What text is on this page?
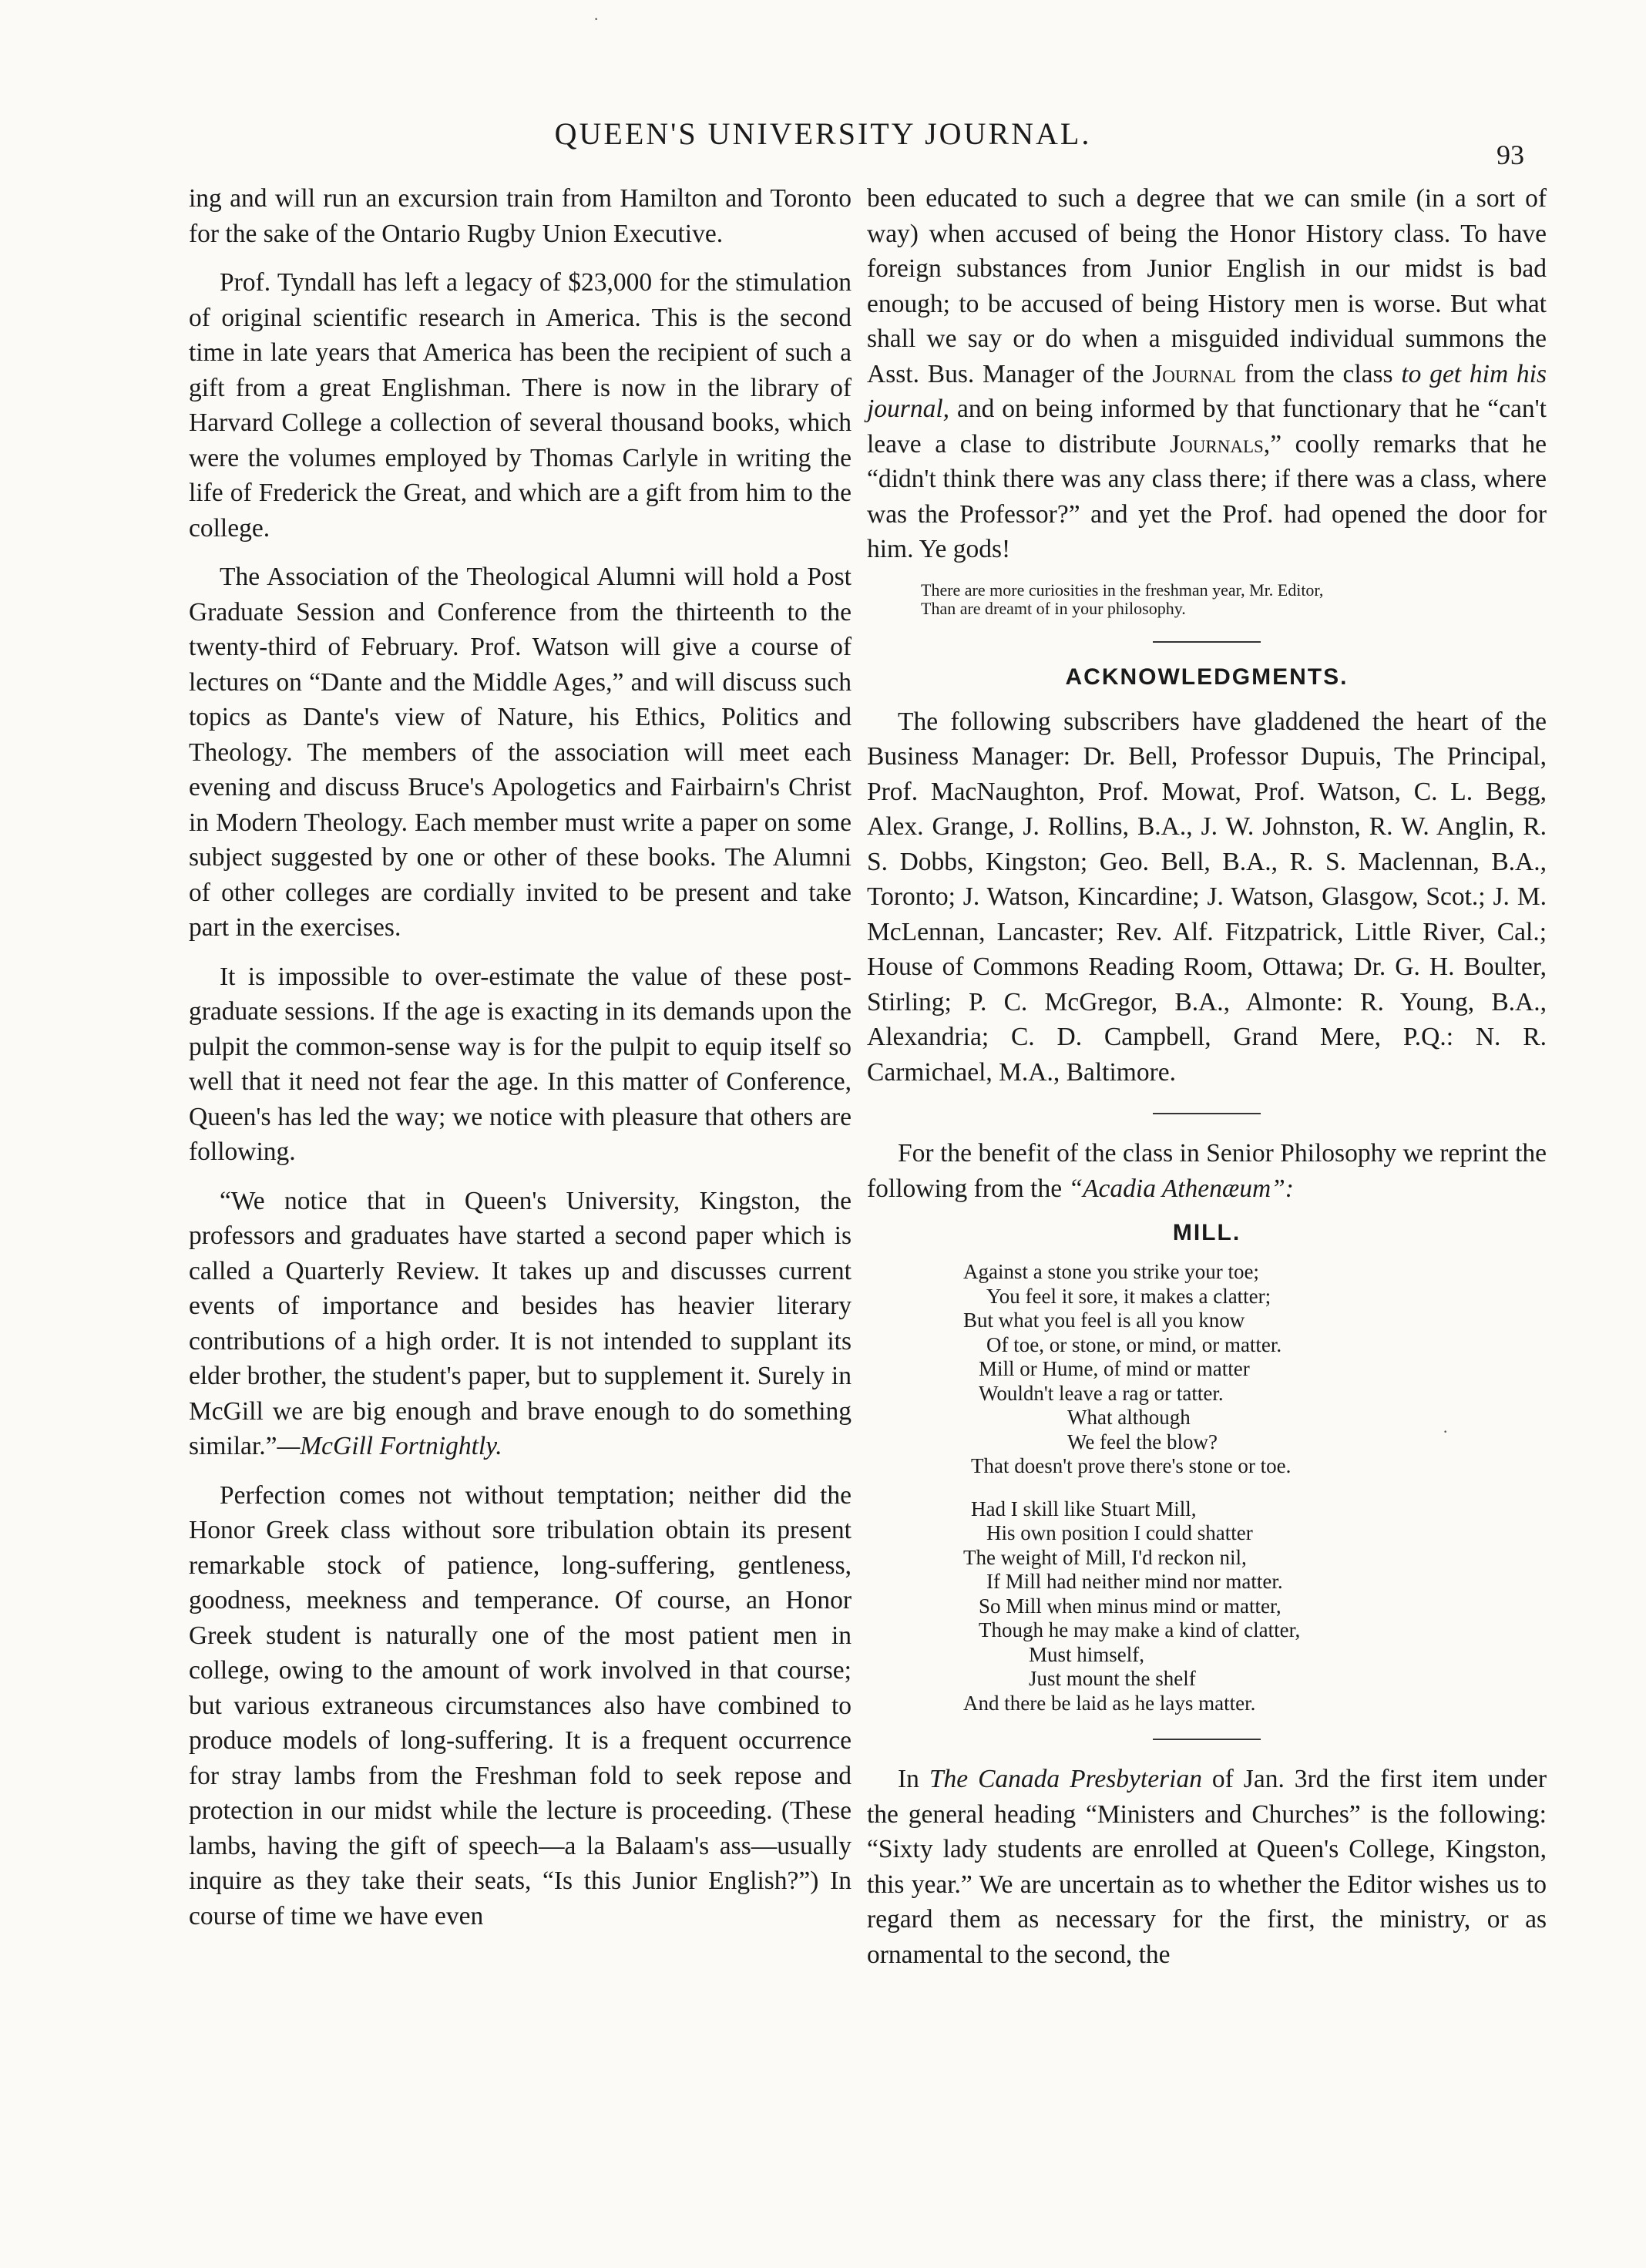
QUEEN'S UNIVERSITY JOURNAL.
93

ing and will run an excursion train from Hamilton and Toronto for the sake of the Ontario Rugby Union Executive.

Prof. Tyndall has left a legacy of $23,000 for the stimulation of original scientific research in America. This is the second time in late years that America has been the recipient of such a gift from a great Englishman. There is now in the library of Harvard College a collection of several thousand books, which were the volumes employed by Thomas Carlyle in writing the life of Frederick the Great, and which are a gift from him to the college.

The Association of the Theological Alumni will hold a Post Graduate Session and Conference from the thirteenth to the twenty-third of February. Prof. Watson will give a course of lectures on “Dante and the Middle Ages,” and will discuss such topics as Dante's view of Nature, his Ethics, Politics and Theology. The members of the association will meet each evening and discuss Bruce's Apologetics and Fairbairn's Christ in Modern Theology. Each member must write a paper on some subject suggested by one or other of these books. The Alumni of other colleges are cordially invited to be present and take part in the exercises.

It is impossible to over-estimate the value of these post-graduate sessions. If the age is exacting in its demands upon the pulpit the common-sense way is for the pulpit to equip itself so well that it need not fear the age. In this matter of Conference, Queen's has led the way; we notice with pleasure that others are following.

“We notice that in Queen's University, Kingston, the professors and graduates have started a second paper which is called a Quarterly Review. It takes up and discusses current events of importance and besides has heavier literary contributions of a high order. It is not intended to supplant its elder brother, the student's paper, but to supplement it. Surely in McGill we are big enough and brave enough to do something similar.”—McGill Fortnightly.

Perfection comes not without temptation; neither did the Honor Greek class without sore tribulation obtain its present remarkable stock of patience, long-suffering, gentleness, goodness, meekness and temperance. Of course, an Honor Greek student is naturally one of the most patient men in college, owing to the amount of work involved in that course; but various extraneous circumstances also have combined to produce models of long-suffering. It is a frequent occurrence for stray lambs from the Freshman fold to seek repose and protection in our midst while the lecture is proceeding. (These lambs, having the gift of speech—a la Balaam's ass—usually inquire as they take their seats, “Is this Junior English?”) In course of time we have even

been educated to such a degree that we can smile (in a sort of way) when accused of being the Honor History class. To have foreign substances from Junior English in our midst is bad enough; to be accused of being History men is worse. But what shall we say or do when a misguided individual summons the Asst. Bus. Manager of the Journal from the class to get him his journal, and on being informed by that functionary that he “can't leave a clase to distribute Journals,” coolly remarks that he “didn't think there was any class there; if there was a class, where was the Professor?” and yet the Prof. had opened the door for him. Ye gods!

There are more curiosities in the freshman year, Mr. Editor,
Than are dreamt of in your philosophy.
ACKNOWLEDGMENTS.

The following subscribers have gladdened the heart of the Business Manager: Dr. Bell, Professor Dupuis, The Principal, Prof. MacNaughton, Prof. Mowat, Prof. Watson, C. L. Begg, Alex. Grange, J. Rollins, B.A., J. W. Johnston, R. W. Anglin, R. S. Dobbs, Kingston; Geo. Bell, B.A., R. S. Maclennan, B.A., Toronto; J. Watson, Kincardine; J. Watson, Glasgow, Scot.; J. M. McLennan, Lancaster; Rev. Alf. Fitzpatrick, Little River, Cal.; House of Commons Reading Room, Ottawa; Dr. G. H. Boulter, Stirling; P. C. McGregor, B.A., Almonte: R. Young, B.A., Alexandria; C. D. Campbell, Grand Mere, P.Q.: N. R. Carmichael, M.A., Baltimore.

For the benefit of the class in Senior Philosophy we reprint the following from the “Acadia Athenæum”:

MILL.
Against a stone you strike your toe;
You feel it sore, it makes a clatter;
But what you feel is all you know
Of toe, or stone, or mind, or matter.
Mill or Hume, of mind or matter
Wouldn't leave a rag or tatter.
What although
We feel the blow?
That doesn't prove there's stone or toe.
Had I skill like Stuart Mill,
His own position I could shatter
The weight of Mill, I'd reckon nil,
If Mill had neither mind nor matter.
So Mill when minus mind or matter,
Though he may make a kind of clatter,
Must himself,
Just mount the shelf
And there be laid as he lays matter.

In The Canada Presbyterian of Jan. 3rd the first item under the general heading “Ministers and Churches” is the following: “Sixty lady students are enrolled at Queen's College, Kingston, this year.” We are uncertain as to whether the Editor wishes us to regard them as necessary for the first, the ministry, or as ornamental to the second, the

·
·
